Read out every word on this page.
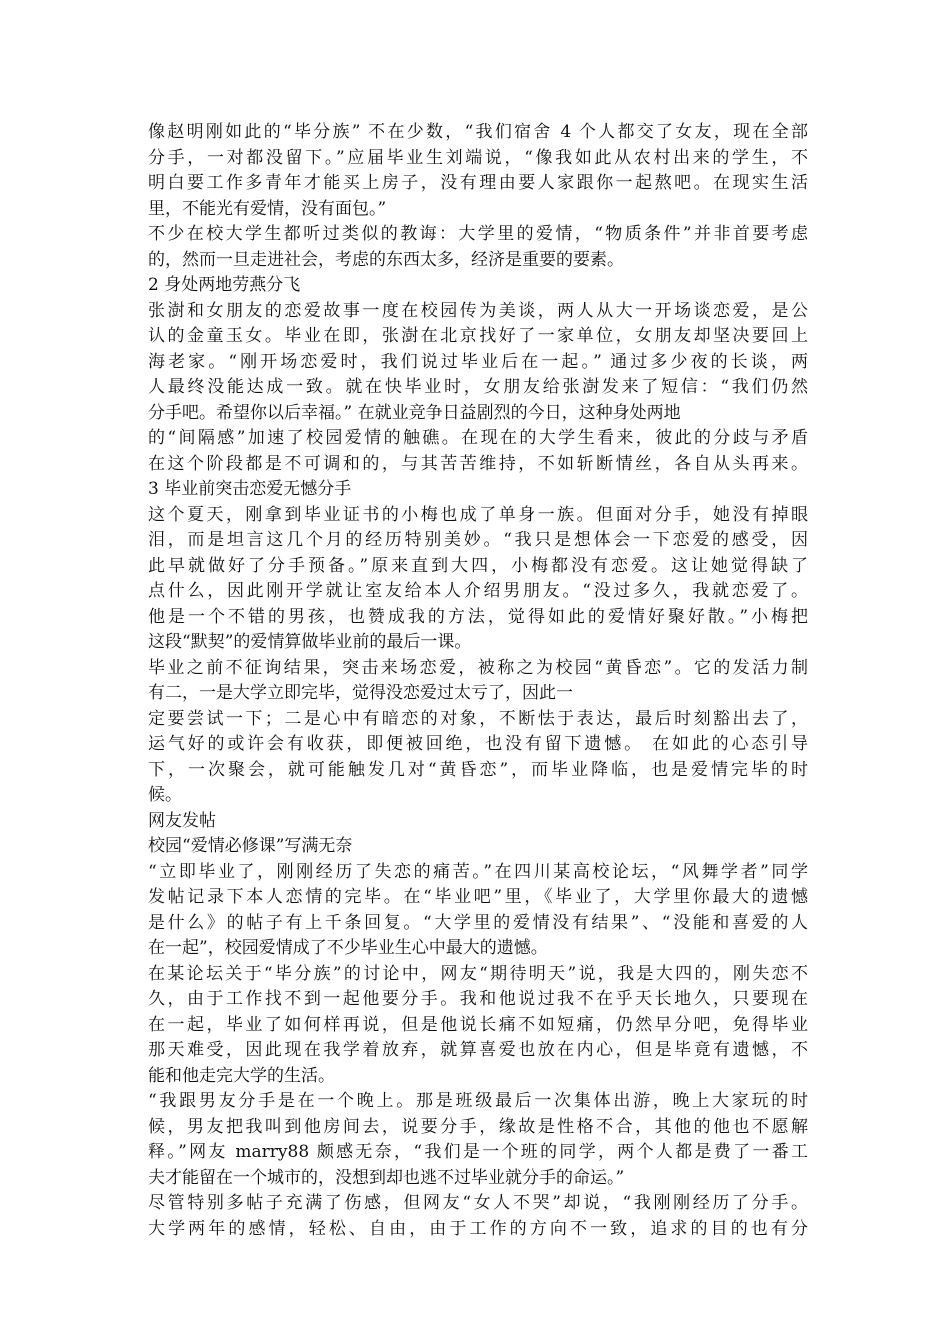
像赵明刚如此的“毕分族” 不在少数，“我们宿舍 4 个人都交了女友，现在全部
分手，一对都没留下。”应届毕业生刘端说，“像我如此从农村出来的学生，不
明白要工作多青年才能买上房子，没有理由要人家跟你一起熬吧。在现实生活
里，不能光有爱情，没有面包。”
不少在校大学生都听过类似的教诲：大学里的爱情，“物质条件”并非首要考虑
的，然而一旦走进社会，考虑的东西太多，经济是重要的要素。
2 身处两地劳燕分飞
张澍和女朋友的恋爱故事一度在校园传为美谈，两人从大一开场谈恋爱，是公
认的金童玉女。毕业在即，张澍在北京找好了一家单位，女朋友却坚决要回上
海老家。“刚开场恋爱时，我们说过毕业后在一起。” 通过多少夜的长谈，两
人最终没能达成一致。就在快毕业时，女朋友给张澍发来了短信：“我们仍然
分手吧。希望你以后幸福。” 在就业竞争日益剧烈的今日，这种身处两地
的“间隔感”加速了校园爱情的触礁。在现在的大学生看来，彼此的分歧与矛盾
在这个阶段都是不可调和的，与其苦苦维持，不如斩断情丝，各自从头再来。
3 毕业前突击恋爱无憾分手
这个夏天，刚拿到毕业证书的小梅也成了单身一族。但面对分手，她没有掉眼
泪，而是坦言这几个月的经历特别美妙。“我只是想体会一下恋爱的感受，因
此早就做好了分手预备。”原来直到大四，小梅都没有恋爱。这让她觉得缺了
点什么，因此刚开学就让室友给本人介绍男朋友。“没过多久，我就恋爱了。
他是一个不错的男孩，也赞成我的方法，觉得如此的爱情好聚好散。”小梅把
这段“默契”的爱情算做毕业前的最后一课。
毕业之前不征询结果，突击来场恋爱，被称之为校园“黄昏恋”。它的发活力制
有二，一是大学立即完毕，觉得没恋爱过太亏了，因此一
定要尝试一下；二是心中有暗恋的对象，不断怯于表达，最后时刻豁出去了，
运气好的或许会有收获，即便被回绝，也没有留下遗憾。 在如此的心态引导
下，一次聚会，就可能触发几对“黄昏恋”，而毕业降临，也是爱情完毕的时
候。
网友发帖
校园“爱情必修课”写满无奈
“立即毕业了，刚刚经历了失恋的痛苦。”在四川某高校论坛，“风舞学者”同学
发帖记录下本人恋情的完毕。在“毕业吧”里，《毕业了，大学里你最大的遗憾
是什么》的帖子有上千条回复。“大学里的爱情没有结果”、“没能和喜爱的人
在一起”，校园爱情成了不少毕业生心中最大的遗憾。
在某论坛关于“毕分族”的讨论中，网友“期待明天”说，我是大四的，刚失恋不
久，由于工作找不到一起他要分手。我和他说过我不在乎天长地久，只要现在
在一起，毕业了如何样再说，但是他说长痛不如短痛，仍然早分吧，免得毕业
那天难受，因此现在我学着放弃，就算喜爱也放在内心，但是毕竟有遗憾，不
能和他走完大学的生活。
“我跟男友分手是在一个晚上。那是班级最后一次集体出游，晚上大家玩的时
候，男友把我叫到他房间去，说要分手，缘故是性格不合，其他的他也不愿解
释。”网友 marry88 颇感无奈，“我们是一个班的同学，两个人都是费了一番工
夫才能留在一个城市的，没想到却也逃不过毕业就分手的命运。”
尽管特别多帖子充满了伤感，但网友“女人不哭”却说，“我刚刚经历了分手。
大学两年的感情，轻松、自由，由于工作的方向不一致，追求的目的也有分
